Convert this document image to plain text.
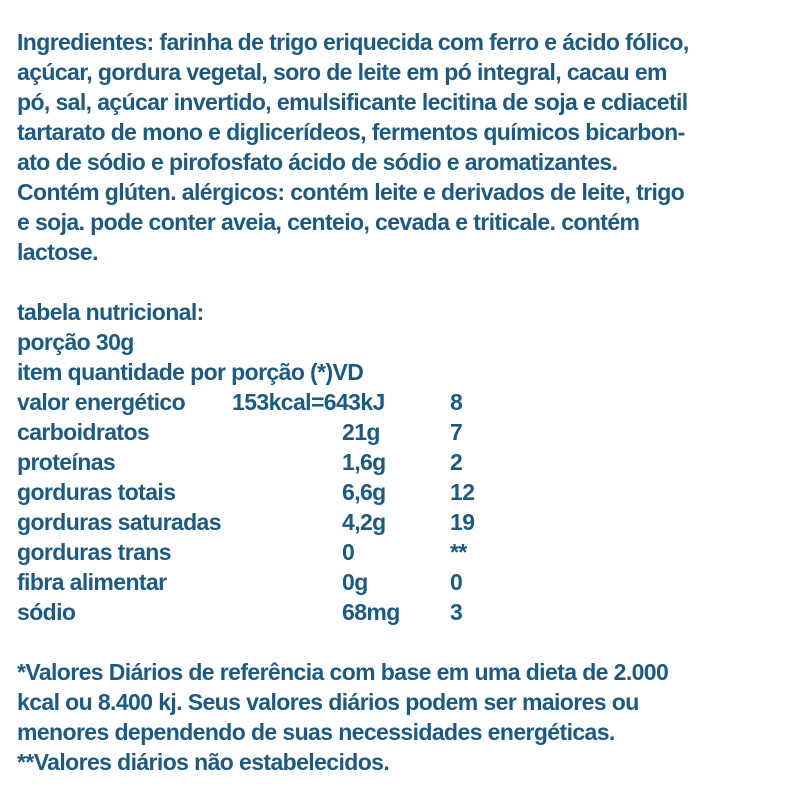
Ingredientes: farinha de trigo eriquecida com ferro e ácido fólico,
açúcar, gordura vegetal, soro de leite em pó integral, cacau em
pó, sal, açúcar invertido, emulsificante lecitina de soja e cdiacetil
tartarato de mono e diglicerídeos, fermentos químicos bicarbon-
ato de sódio e pirofosfato ácido de sódio e aromatizantes.
Contém glúten. alérgicos: contém leite e derivados de leite, trigo
e soja. pode conter aveia, centeio, cevada e triticale. contém
lactose.
tabela nutricional:
porção 30g
item quantidade por porção (*)VD
valor energético 153kcal=643kJ	8
carboidratos	21g	7
proteínas	1,6g	2
gorduras totais	6,6g	12
gorduras saturadas	4,2g	19
gorduras trans	0	**
fibra alimentar	0g	0
sódio	68mg 3
*Valores Diários de referência com base em uma dieta de 2.000
kcal ou 8.400 kj. Seus valores diários podem ser maiores ou
menores dependendo de suas necessidades energéticas.
**Valores diários não estabelecidos.
